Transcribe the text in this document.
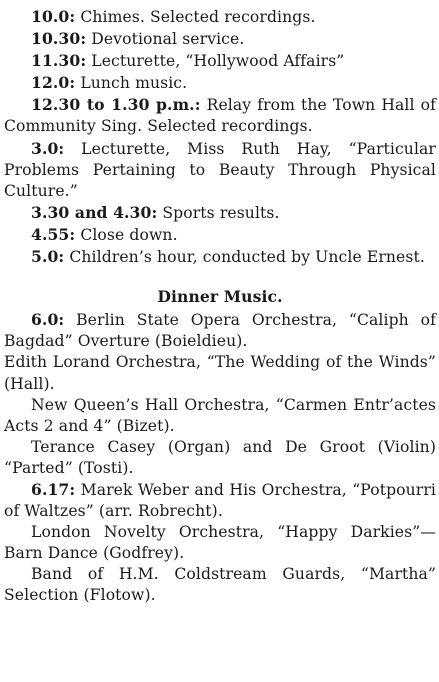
10.0: Chimes. Selected recordings.

10.30: Devotional service.

11.30: Lecturette, “Hollywood Affairs”

12.0: Lunch music.

12.30 to 1.30 p.m.: Relay from the Town Hall of Community Sing. Selected recordings.

3.0: Lecturette, Miss Ruth Hay, “Particular Problems Pertaining to Beauty Through Physical Culture.”

3.30 and 4.30: Sports results.

4.55: Close down.

5.0: Children’s hour, conducted by Uncle Ernest.

Dinner Music.

6.0: Berlin State Opera Orchestra, “Caliph of Bagdad” Overture (Boieldieu).

Edith Lorand Orchestra, “The Wedding of the Winds” (Hall).

New Queen’s Hall Orchestra, “Carmen Entr’actes Acts 2 and 4” (Bizet).

Terance Casey (Organ) and De Groot (Violin) “Parted” (Tosti).

6.17: Marek Weber and His Orchestra, “Potpourri of Waltzes” (arr. Robrecht).

London Novelty Orchestra, “Happy Darkies”—Barn Dance (Godfrey).

Band of H.M. Coldstream Guards, “Martha” Selection (Flotow).
